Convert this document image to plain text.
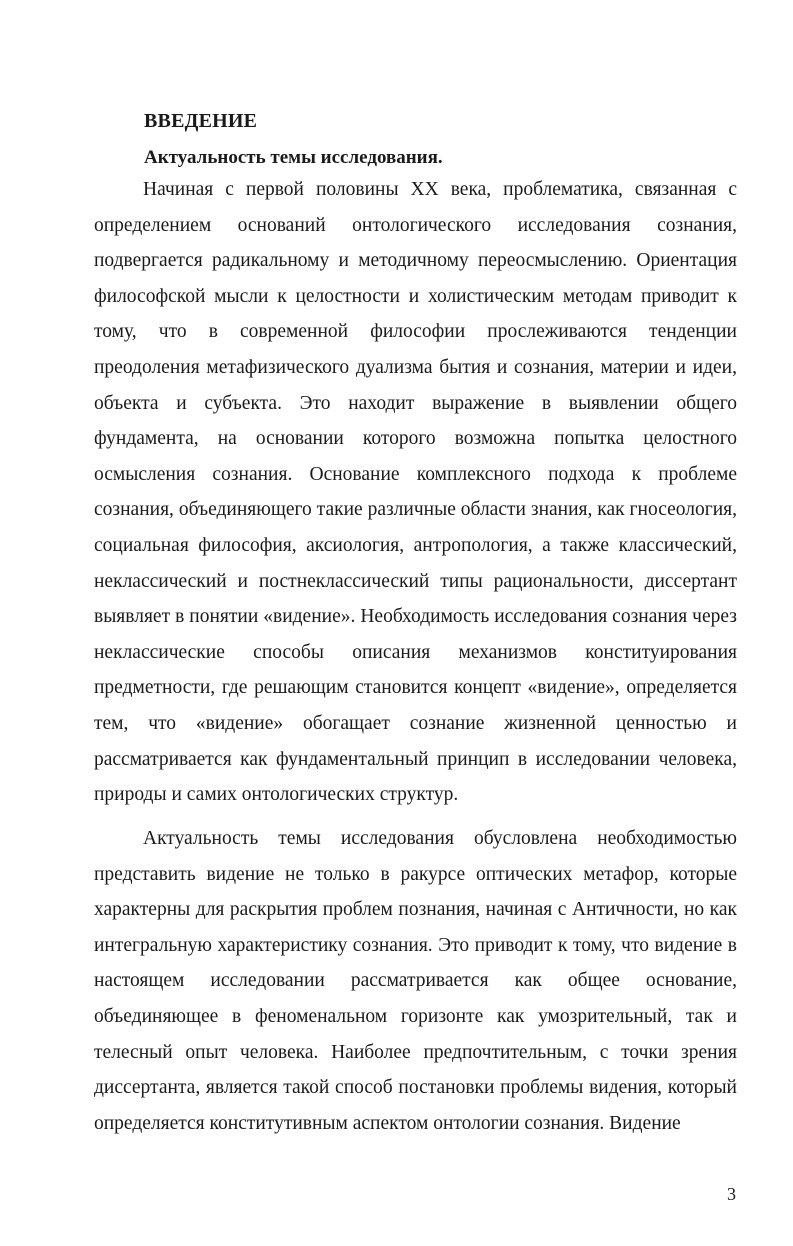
ВВЕДЕНИЕ
Актуальность темы исследования.

Начиная с первой половины XX века, проблематика, связанная с определением оснований онтологического исследования сознания, подвергается радикальному и методичному переосмыслению. Ориентация философской мысли к целостности и холистическим методам приводит к тому, что в современной философии прослеживаются тенденции преодоления метафизического дуализма бытия и сознания, материи и идеи, объекта и субъекта. Это находит выражение в выявлении общего фундамента, на основании которого возможна попытка целостного осмысления сознания. Основание комплексного подхода к проблеме сознания, объединяющего такие различные области знания, как гносеология, социальная философия, аксиология, антропология, а также классический, неклассический и постнеклассический типы рациональности, диссертант выявляет в понятии «видение». Необходимость исследования сознания через неклассические способы описания механизмов конституирования предметности, где решающим становится концепт «видение», определяется тем, что «видение» обогащает сознание жизненной ценностью и рассматривается как фундаментальный принцип в исследовании человека, природы и самих онтологических структур.

Актуальность темы исследования обусловлена необходимостью представить видение не только в ракурсе оптических метафор, которые характерны для раскрытия проблем познания, начиная с Античности, но как интегральную характеристику сознания. Это приводит к тому, что видение в настоящем исследовании рассматривается как общее основание, объединяющее в феноменальном горизонте как умозрительный, так и телесный опыт человека. Наиболее предпочтительным, с точки зрения диссертанта, является такой способ постановки проблемы видения, который определяется конститутивным аспектом онтологии сознания. Видение

3
